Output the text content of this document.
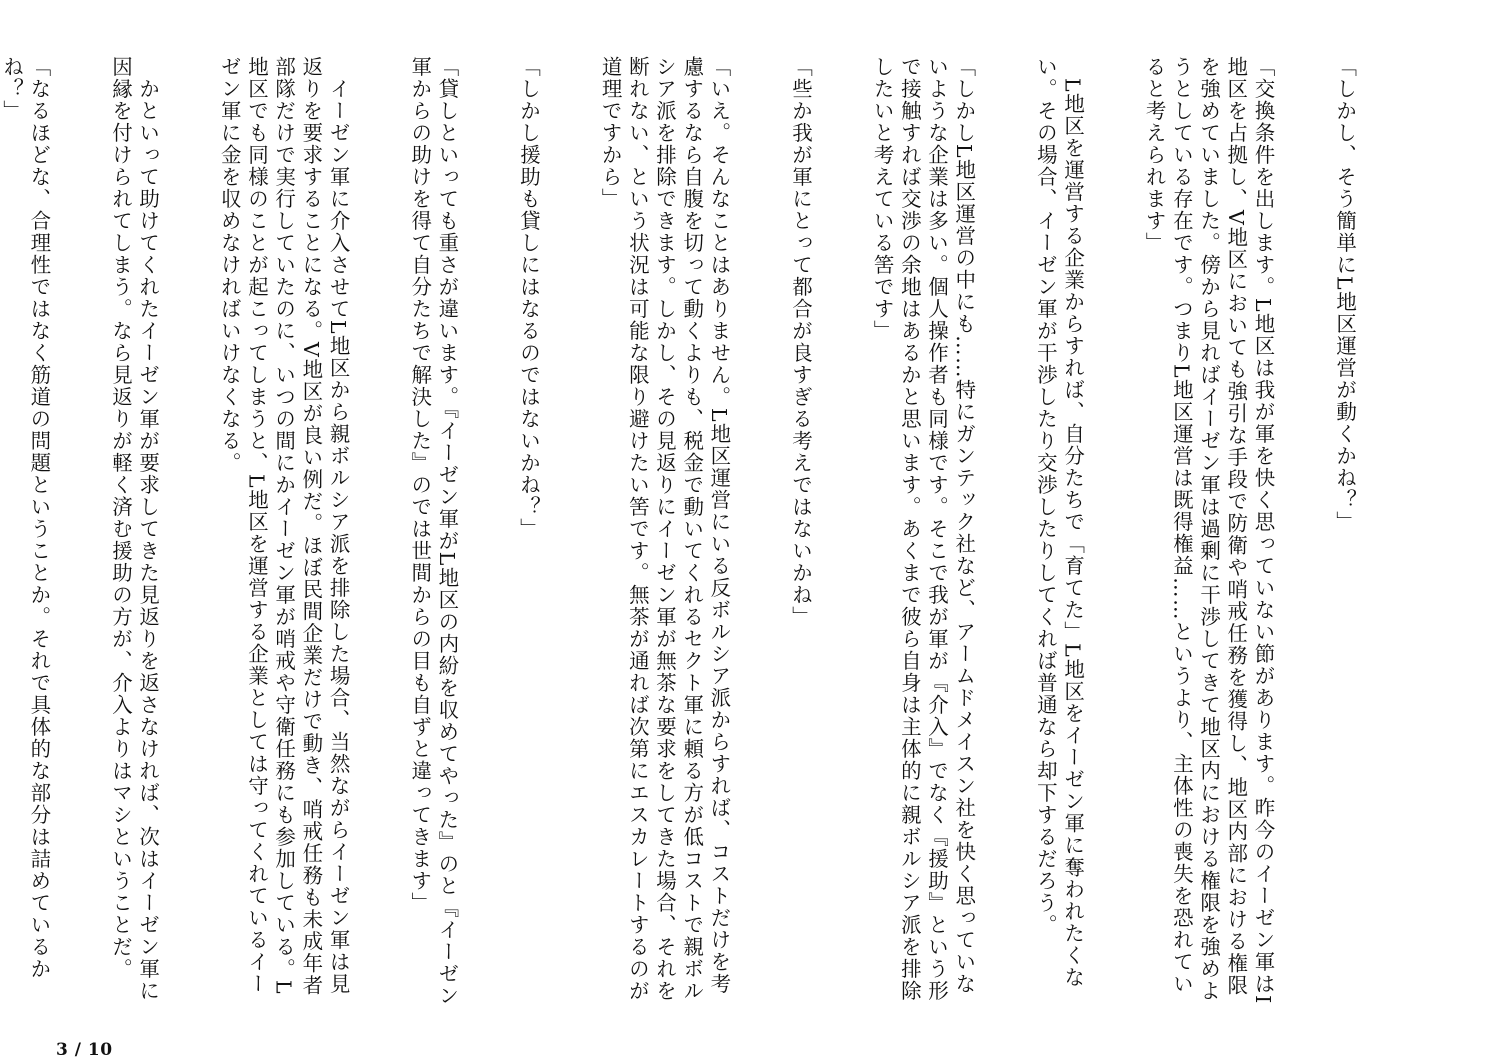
「しかし、そう簡単にL地区運営が動くかね？」

「交換条件を出します。L地区は我が軍を快く思っていない節があります。昨今のイーゼン軍はI地区を占拠し、V地区においても強引な手段で防衛や哨戒任務を獲得し、地区内部における権限を強めていました。傍から見ればイーゼン軍は過剰に干渉してきて地区内における権限を強めようとしている存在です。つまりL地区運営は既得権益……というより、主体性の喪失を恐れていると考えられます」

　L地区を運営する企業からすれば、自分たちで「育てた」L地区をイーゼン軍に奪われたくない。その場合、イーゼン軍が干渉したり交渉したりしてくれば普通なら却下するだろう。

「しかしL地区運営の中にも……特にガンテック社など、アームドメイスン社を快く思っていないような企業は多い。個人操作者も同様です。そこで我が軍が『介入』でなく『援助』という形で接触すれば交渉の余地はあるかと思います。あくまで彼ら自身は主体的に親ボルシア派を排除したいと考えている筈です」

「些か我が軍にとって都合が良すぎる考えではないかね」

「いえ。そんなことはありません。L地区運営にいる反ボルシア派からすれば、コストだけを考慮するなら自腹を切って動くよりも、税金で動いてくれるセクト軍に頼る方が低コストで親ボルシア派を排除できます。しかし、その見返りにイーゼン軍が無茶な要求をしてきた場合、それを断れない、という状況は可能な限り避けたい筈です。無茶が通れば次第にエスカレートするのが道理ですから」

「しかし援助も貸しにはなるのではないかね？」

「貸しといっても重さが違います。『イーゼン軍がL地区の内紛を収めてやった』のと『イーゼン軍からの助けを得て自分たちで解決した』のでは世間からの目も自ずと違ってきます」

　イーゼン軍に介入させてL地区から親ボルシア派を排除した場合、当然ながらイーゼン軍は見返りを要求することになる。V地区が良い例だ。ほぼ民間企業だけで動き、哨戒任務も未成年者部隊だけで実行していたのに、いつの間にかイーゼン軍が哨戒や守衛任務にも参加している。L地区でも同様のことが起こってしまうと、L地区を運営する企業としては守ってくれているイーゼン軍に金を収めなければいけなくなる。

　かといって助けてくれたイーゼン軍が要求してきた見返りを返さなければ、次はイーゼン軍に因縁を付けられてしまう。なら見返りが軽く済む援助の方が、介入よりはマシということだ。

「なるほどな、合理性ではなく筋道の問題ということか。それで具体的な部分は詰めているかね？」

3 / 10
